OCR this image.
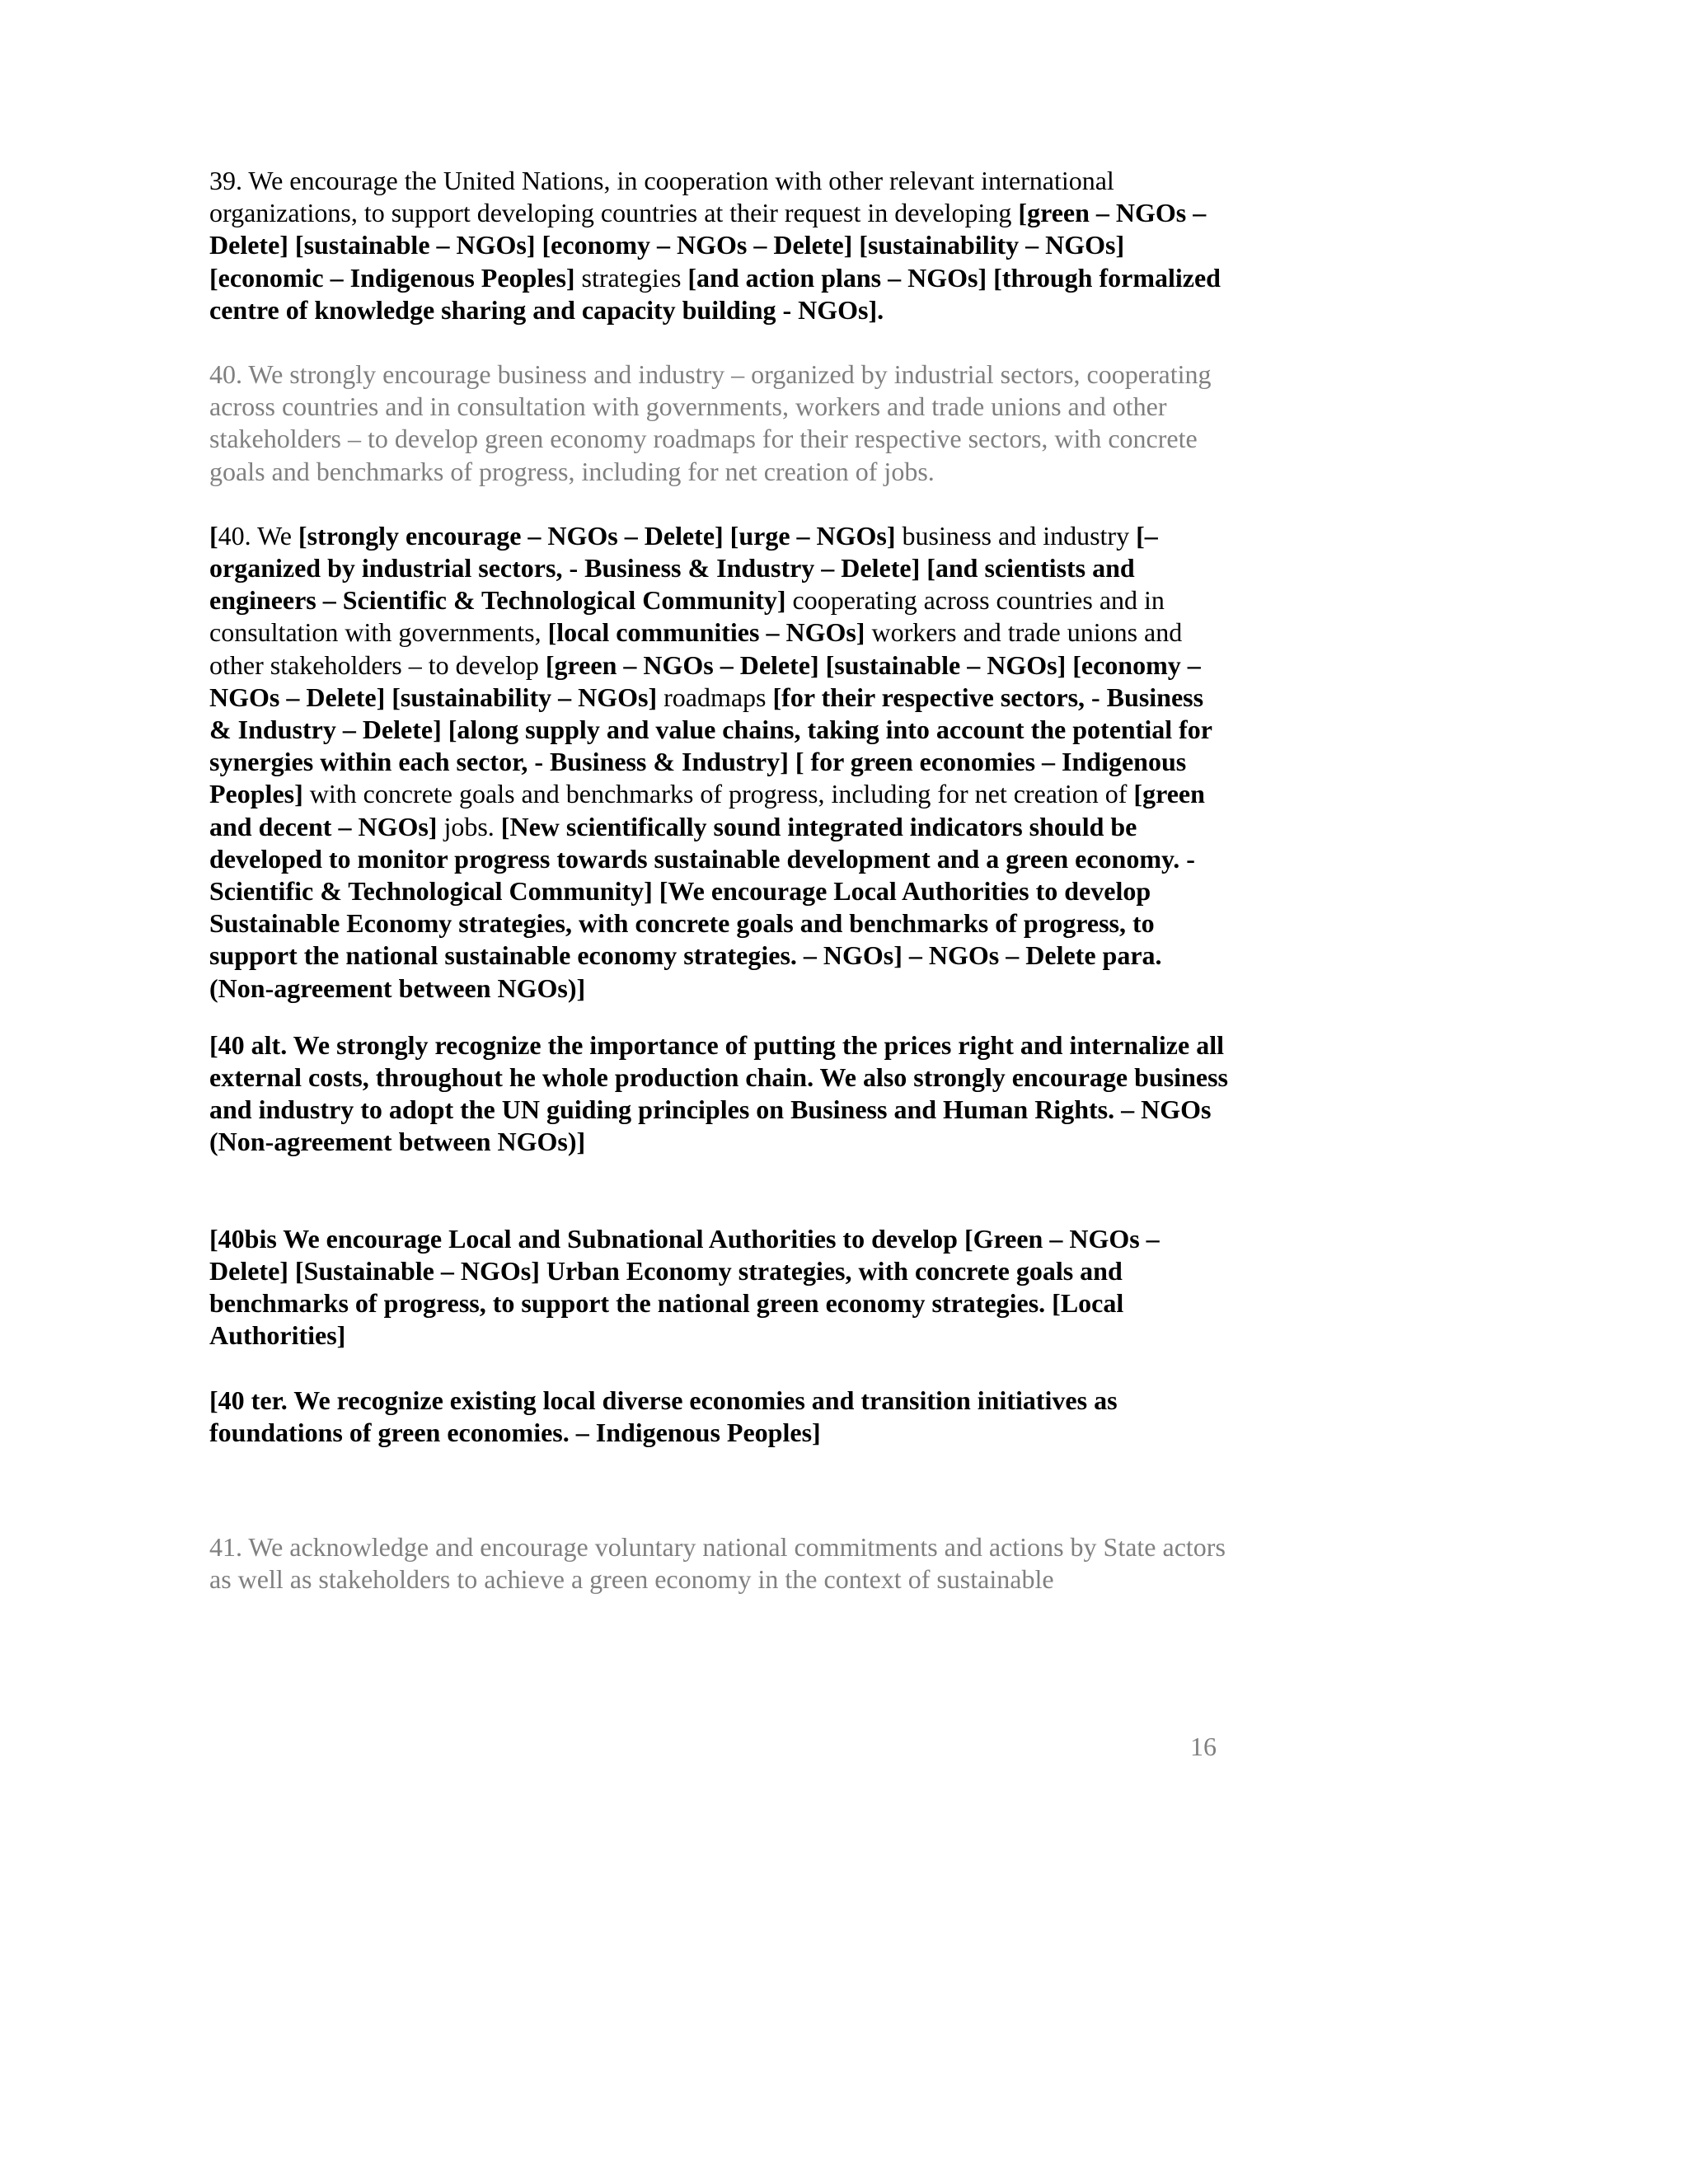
39. We encourage the United Nations, in cooperation with other relevant international organizations, to support developing countries at their request in developing [green – NGOs – Delete] [sustainable – NGOs] [economy – NGOs – Delete] [sustainability – NGOs] [economic – Indigenous Peoples] strategies [and action plans – NGOs] [through formalized centre of knowledge sharing and capacity building - NGOs].

40. We strongly encourage business and industry – organized by industrial sectors, cooperating across countries and in consultation with governments, workers and trade unions and other stakeholders – to develop green economy roadmaps for their respective sectors, with concrete goals and benchmarks of progress, including for net creation of jobs.

[40. We [strongly encourage – NGOs – Delete] [urge – NGOs] business and industry [– organized by industrial sectors, - Business & Industry – Delete] [and scientists and engineers – Scientific & Technological Community] cooperating across countries and in consultation with governments, [local communities – NGOs] workers and trade unions and other stakeholders – to develop [green – NGOs – Delete] [sustainable – NGOs] [economy – NGOs – Delete] [sustainability – NGOs] roadmaps [for their respective sectors, - Business & Industry – Delete] [along supply and value chains, taking into account the potential for synergies within each sector, - Business & Industry] [ for green economies – Indigenous Peoples] with concrete goals and benchmarks of progress, including for net creation of [green and decent – NGOs] jobs. [New scientifically sound integrated indicators should be developed to monitor progress towards sustainable development and a green economy. - Scientific & Technological Community] [We encourage Local Authorities to develop Sustainable Economy strategies, with concrete goals and benchmarks of progress, to support the national sustainable economy strategies. – NGOs] – NGOs – Delete para. (Non-agreement between NGOs)]

[40 alt. We strongly recognize the importance of putting the prices right and internalize all external costs, throughout he whole production chain. We also strongly encourage business and industry to adopt the UN guiding principles on Business and Human Rights. – NGOs (Non-agreement between NGOs)]

[40bis We encourage Local and Subnational Authorities to develop [Green – NGOs – Delete] [Sustainable – NGOs] Urban Economy strategies, with concrete goals and benchmarks of progress, to support the national green economy strategies. [Local Authorities]

[40 ter. We recognize existing local diverse economies and transition initiatives as foundations of green economies. – Indigenous Peoples]

41. We acknowledge and encourage voluntary national commitments and actions by State actors as well as stakeholders to achieve a green economy in the context of sustainable

16
